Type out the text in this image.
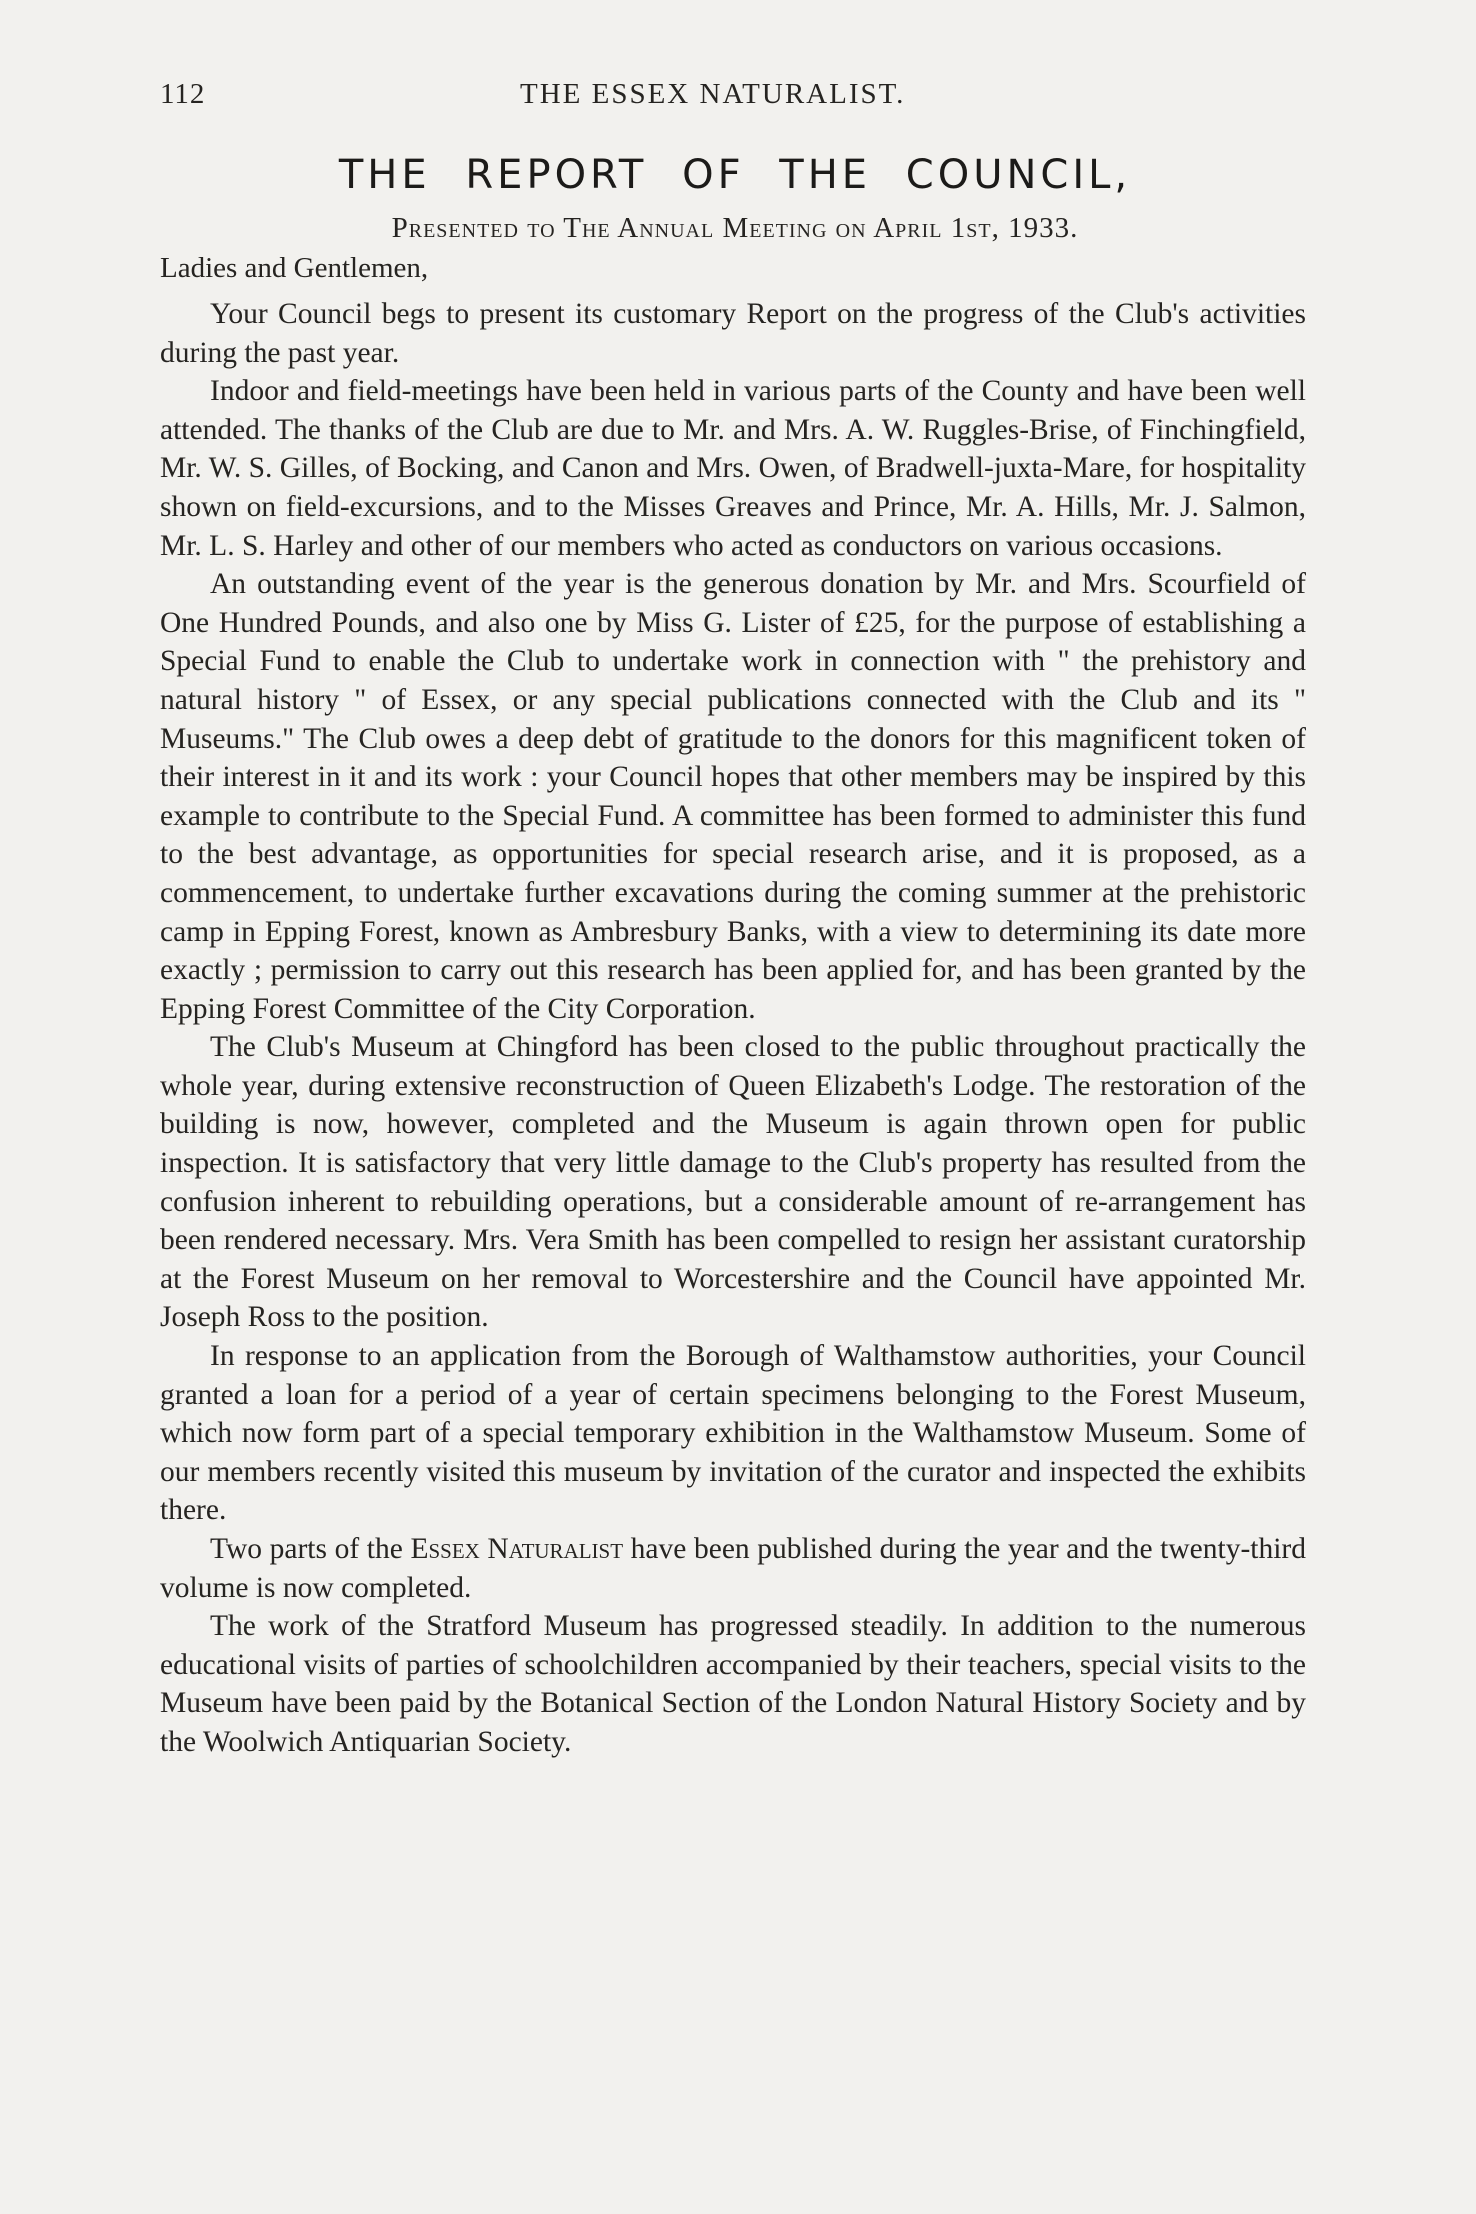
112	THE ESSEX NATURALIST.
THE REPORT OF THE COUNCIL,
Presented to The Annual Meeting on April 1st, 1933.
Ladies and Gentlemen,

Your Council begs to present its customary Report on the progress of the Club's activities during the past year.

Indoor and field-meetings have been held in various parts of the County and have been well attended. The thanks of the Club are due to Mr. and Mrs. A. W. Ruggles-Brise, of Finchingfield, Mr. W. S. Gilles, of Bocking, and Canon and Mrs. Owen, of Bradwell-juxta-Mare, for hospitality shown on field-excursions, and to the Misses Greaves and Prince, Mr. A. Hills, Mr. J. Salmon, Mr. L. S. Harley and other of our members who acted as conductors on various occasions.

An outstanding event of the year is the generous donation by Mr. and Mrs. Scourfield of One Hundred Pounds, and also one by Miss G. Lister of £25, for the purpose of establishing a Special Fund to enable the Club to undertake work in connection with " the prehistory and natural history " of Essex, or any special publications connected with the Club and its " Museums." The Club owes a deep debt of gratitude to the donors for this magnificent token of their interest in it and its work : your Council hopes that other members may be inspired by this example to contribute to the Special Fund. A committee has been formed to administer this fund to the best advantage, as opportunities for special research arise, and it is proposed, as a commencement, to undertake further excavations during the coming summer at the prehistoric camp in Epping Forest, known as Ambresbury Banks, with a view to determining its date more exactly ; permission to carry out this research has been applied for, and has been granted by the Epping Forest Committee of the City Corporation.

The Club's Museum at Chingford has been closed to the public throughout practically the whole year, during extensive reconstruction of Queen Elizabeth's Lodge. The restoration of the building is now, however, completed and the Museum is again thrown open for public inspection. It is satisfactory that very little damage to the Club's property has resulted from the confusion inherent to rebuilding operations, but a considerable amount of re-arrangement has been rendered necessary. Mrs. Vera Smith has been compelled to resign her assistant curatorship at the Forest Museum on her removal to Worcestershire and the Council have appointed Mr. Joseph Ross to the position.

In response to an application from the Borough of Walthamstow authorities, your Council granted a loan for a period of a year of certain specimens belonging to the Forest Museum, which now form part of a special temporary exhibition in the Walthamstow Museum. Some of our members recently visited this museum by invitation of the curator and inspected the exhibits there.

Two parts of the Essex Naturalist have been published during the year and the twenty-third volume is now completed.

The work of the Stratford Museum has progressed steadily. In addition to the numerous educational visits of parties of schoolchildren accompanied by their teachers, special visits to the Museum have been paid by the Botanical Section of the London Natural History Society and by the Woolwich Antiquarian Society.
